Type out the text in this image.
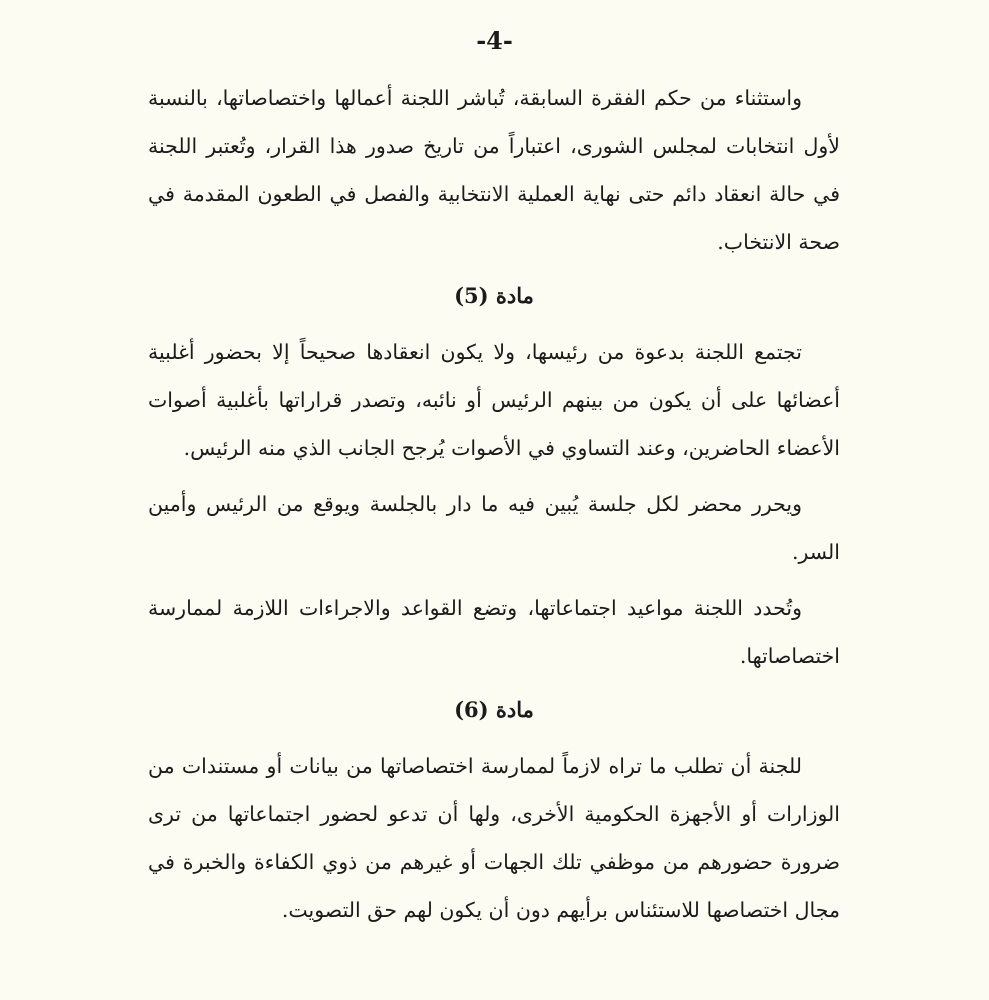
-4-

واستثناء من حكم الفقرة السابقة، تُباشر اللجنة أعمالها واختصاصاتها، بالنسبة لأول انتخابات لمجلس الشورى، اعتباراً من تاريخ صدور هذا القرار، وتُعتبر اللجنة في حالة انعقاد دائم حتى نهاية العملية الانتخابية والفصل في الطعون المقدمة في صحة الانتخاب.

مادة (5)

تجتمع اللجنة بدعوة من رئيسها، ولا يكون انعقادها صحيحاً إلا بحضور أغلبية أعضائها على أن يكون من بينهم الرئيس أو نائبه، وتصدر قراراتها بأغلبية أصوات الأعضاء الحاضرين، وعند التساوي في الأصوات يُرجح الجانب الذي منه الرئيس.

ويحرر محضر لكل جلسة يُبين فيه ما دار بالجلسة ويوقع من الرئيس وأمين السر.

وتُحدد اللجنة مواعيد اجتماعاتها، وتضع القواعد والاجراءات اللازمة لممارسة اختصاصاتها.

مادة (6)

للجنة أن تطلب ما تراه لازماً لممارسة اختصاصاتها من بيانات أو مستندات من الوزارات أو الأجهزة الحكومية الأخرى، ولها أن تدعو لحضور اجتماعاتها من ترى ضرورة حضورهم من موظفي تلك الجهات أو غيرهم من ذوي الكفاءة والخبرة في مجال اختصاصها للاستئناس برأيهم دون أن يكون لهم حق التصويت.
